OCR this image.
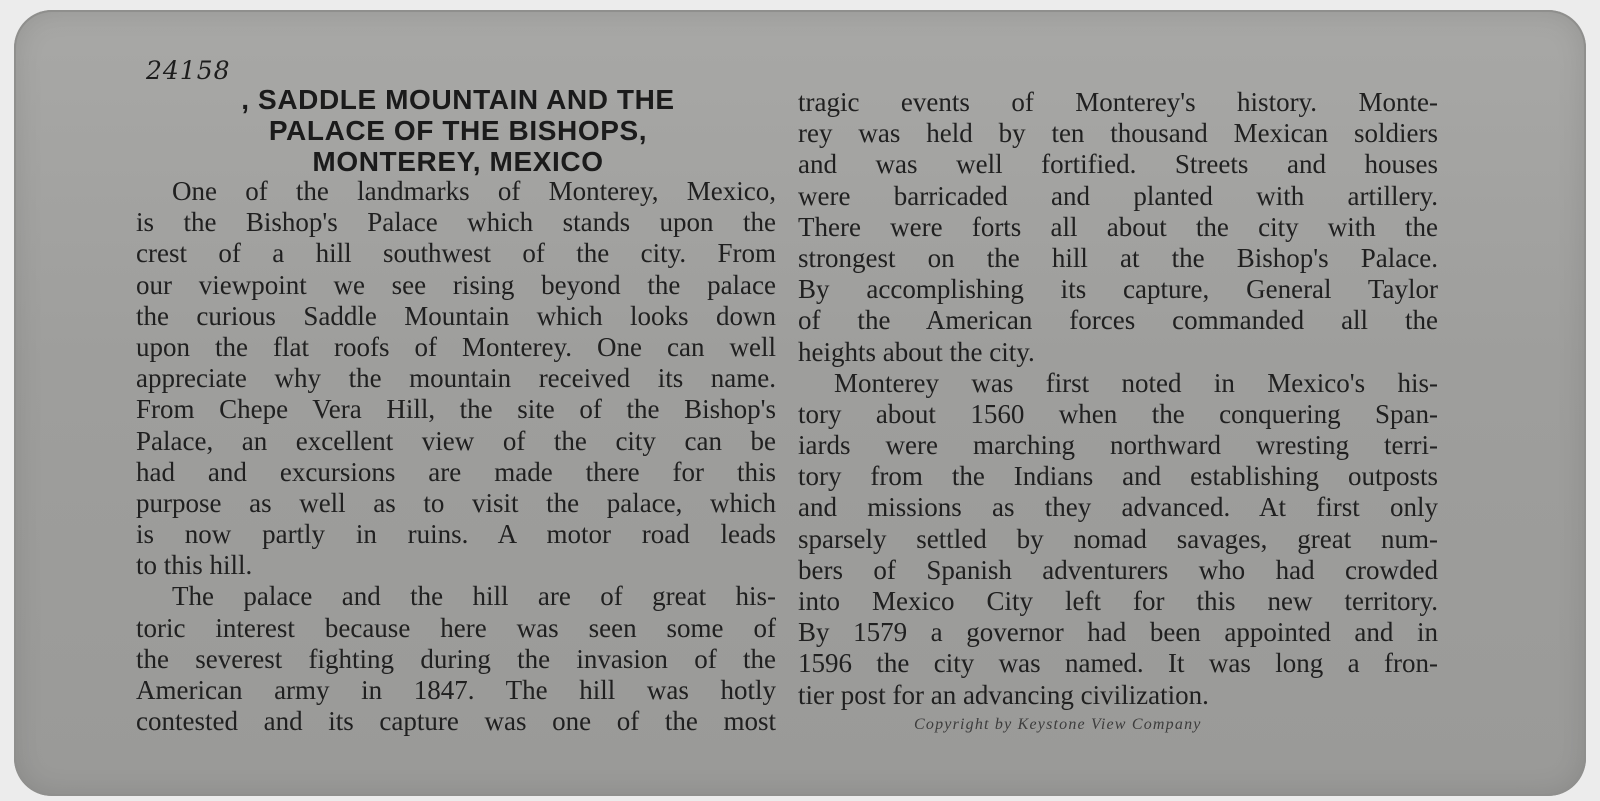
24158
, SADDLE MOUNTAIN AND THE
PALACE OF THE BISHOPS,
MONTEREY, MEXICO
One of the landmarks of Monterey, Mexico,
is the Bishop's Palace which stands upon the
crest of a hill southwest of the city. From
our viewpoint we see rising beyond the palace
the curious Saddle Mountain which looks down
upon the flat roofs of Monterey. One can well
appreciate why the mountain received its name.
From Chepe Vera Hill, the site of the Bishop's
Palace, an excellent view of the city can be
had and excursions are made there for this
purpose as well as to visit the palace, which
is now partly in ruins. A motor road leads
to this hill.
The palace and the hill are of great his-
toric interest because here was seen some of
the severest fighting during the invasion of the
American army in 1847. The hill was hotly
contested and its capture was one of the most
tragic events of Monterey's history. Monte-
rey was held by ten thousand Mexican soldiers
and was well fortified. Streets and houses
were barricaded and planted with artillery.
There were forts all about the city with the
strongest on the hill at the Bishop's Palace.
By accomplishing its capture, General Taylor
of the American forces commanded all the
heights about the city.
Monterey was first noted in Mexico's his-
tory about 1560 when the conquering Span-
iards were marching northward wresting terri-
tory from the Indians and establishing outposts
and missions as they advanced. At first only
sparsely settled by nomad savages, great num-
bers of Spanish adventurers who had crowded
into Mexico City left for this new territory.
By 1579 a governor had been appointed and in
1596 the city was named. It was long a fron-
tier post for an advancing civilization.
Copyright by Keystone View Company
